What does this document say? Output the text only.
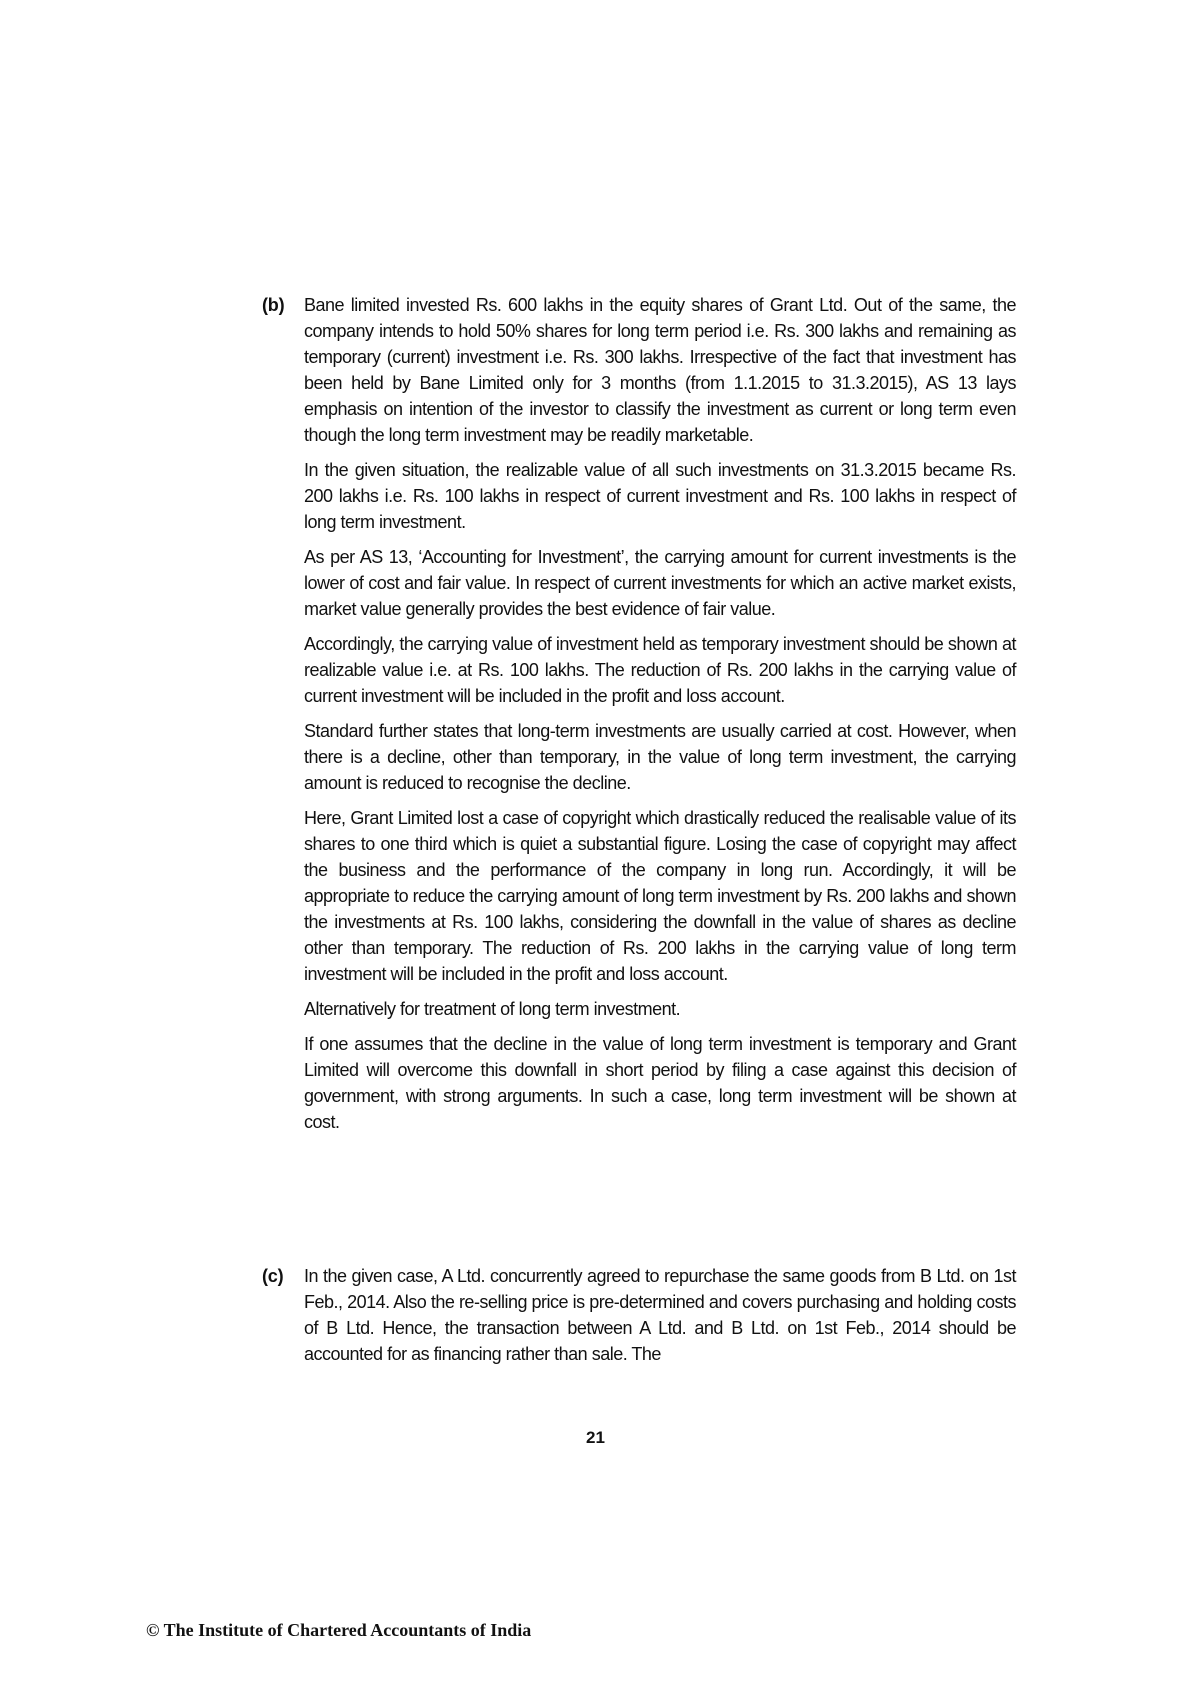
(b) Bane limited invested Rs. 600 lakhs in the equity shares of Grant Ltd. Out of the same, the company intends to hold 50% shares for long term period i.e. Rs. 300 lakhs and remaining as temporary (current) investment i.e. Rs. 300 lakhs. Irrespective of the fact that investment has been held by Bane Limited only for 3 months (from 1.1.2015 to 31.3.2015), AS 13 lays emphasis on intention of the investor to classify the investment as current or long term even though the long term investment may be readily marketable.

In the given situation, the realizable value of all such investments on 31.3.2015 became Rs. 200 lakhs i.e. Rs. 100 lakhs in respect of current investment and Rs. 100 lakhs in respect of long term investment.

As per AS 13, ‘Accounting for Investment’, the carrying amount for current investments is the lower of cost and fair value. In respect of current investments for which an active market exists, market value generally provides the best evidence of fair value.

Accordingly, the carrying value of investment held as temporary investment should be shown at realizable value i.e. at Rs. 100 lakhs. The reduction of Rs. 200 lakhs in the carrying value of current investment will be included in the profit and loss account.

Standard further states that long-term investments are usually carried at cost. However, when there is a decline, other than temporary, in the value of long term investment, the carrying amount is reduced to recognise the decline.

Here, Grant Limited lost a case of copyright which drastically reduced the realisable value of its shares to one third which is quiet a substantial figure. Losing the case of copyright may affect the business and the performance of the company in long run. Accordingly, it will be appropriate to reduce the carrying amount of long term investment by Rs. 200 lakhs and shown the investments at Rs. 100 lakhs, considering the downfall in the value of shares as decline other than temporary. The reduction of Rs. 200 lakhs in the carrying value of long term investment will be included in the profit and loss account.

Alternatively for treatment of long term investment.

If one assumes that the decline in the value of long term investment is temporary and Grant Limited will overcome this downfall in short period by filing a case against this decision of government, with strong arguments. In such a case, long term investment will be shown at cost.

(c) In the given case, A Ltd. concurrently agreed to repurchase the same goods from B Ltd. on 1st Feb., 2014. Also the re-selling price is pre-determined and covers purchasing and holding costs of B Ltd. Hence, the transaction between A Ltd. and B Ltd. on 1st Feb., 2014 should be accounted for as financing rather than sale. The

21
© The Institute of Chartered Accountants of India
